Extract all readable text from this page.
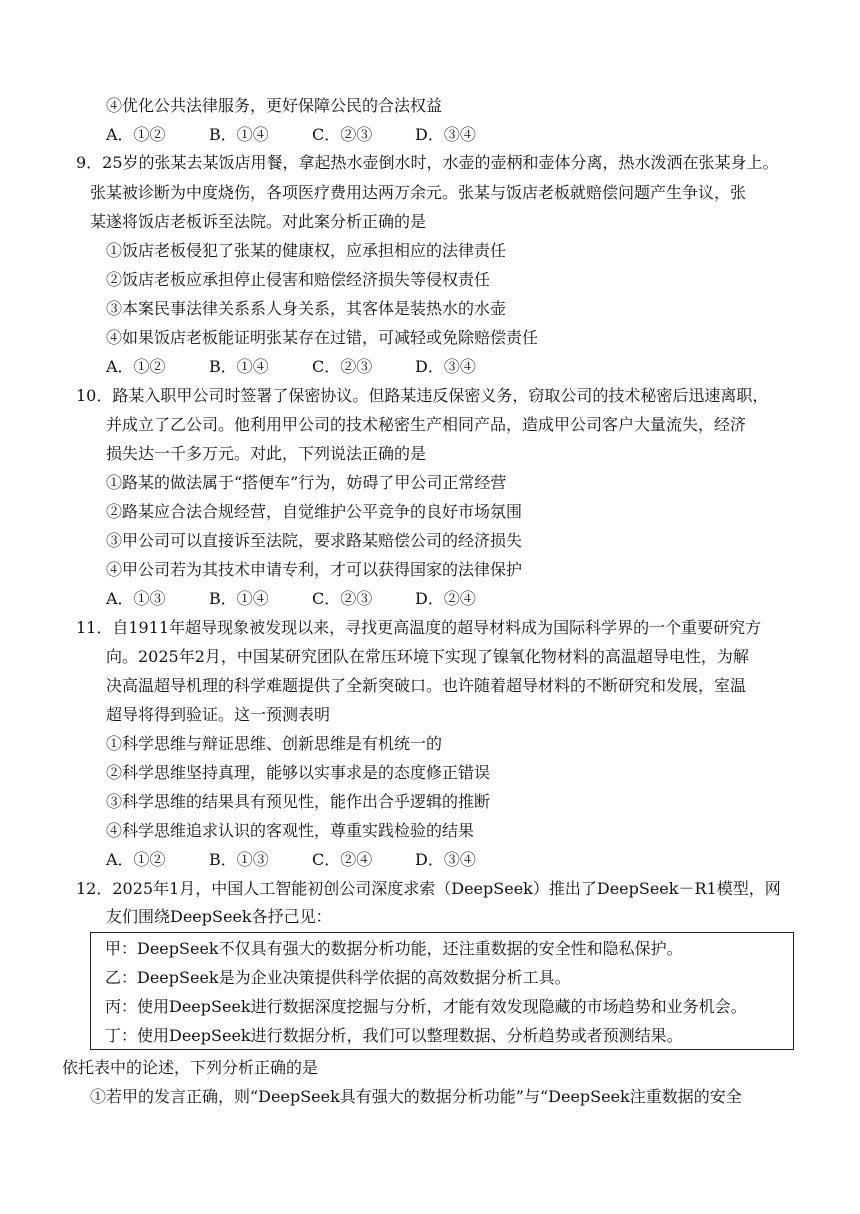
④优化公共法律服务，更好保障公民的合法权益
A．①②	B．①④	C．②③	D．③④
9．25岁的张某去某饭店用餐，拿起热水壶倒水时，水壶的壶柄和壶体分离，热水泼洒在张某身上。
张某被诊断为中度烧伤，各项医疗费用达两万余元。张某与饭店老板就赔偿问题产生争议，张
某遂将饭店老板诉至法院。对此案分析正确的是
①饭店老板侵犯了张某的健康权，应承担相应的法律责任
②饭店老板应承担停止侵害和赔偿经济损失等侵权责任
③本案民事法律关系系人身关系，其客体是装热水的水壶
④如果饭店老板能证明张某存在过错，可减轻或免除赔偿责任
A．①②	B．①④	C．②③	D．③④
10．路某入职甲公司时签署了保密协议。但路某违反保密义务，窃取公司的技术秘密后迅速离职，
并成立了乙公司。他利用甲公司的技术秘密生产相同产品，造成甲公司客户大量流失，经济
损失达一千多万元。对此，下列说法正确的是
①路某的做法属于“搭便车”行为，妨碍了甲公司正常经营
②路某应合法合规经营，自觉维护公平竞争的良好市场氛围
③甲公司可以直接诉至法院，要求路某赔偿公司的经济损失
④甲公司若为其技术申请专利，才可以获得国家的法律保护
A．①③	B．①④	C．②③	D．②④
11．自1911年超导现象被发现以来，寻找更高温度的超导材料成为国际科学界的一个重要研究方
向。2025年2月，中国某研究团队在常压环境下实现了镍氧化物材料的高温超导电性，为解
决高温超导机理的科学难题提供了全新突破口。也许随着超导材料的不断研究和发展，室温
超导将得到验证。这一预测表明
①科学思维与辩证思维、创新思维是有机统一的
②科学思维坚持真理，能够以实事求是的态度修正错误
③科学思维的结果具有预见性，能作出合乎逻辑的推断
④科学思维追求认识的客观性，尊重实践检验的结果
A．①②	B．①③	C．②④	D．③④
12．2025年1月，中国人工智能初创公司深度求索（DeepSeek）推出了DeepSeek－R1模型，网
友们围绕DeepSeek各抒己见：
甲：DeepSeek不仅具有强大的数据分析功能，还注重数据的安全性和隐私保护。
乙：DeepSeek是为企业决策提供科学依据的高效数据分析工具。
丙：使用DeepSeek进行数据深度挖掘与分析，才能有效发现隐藏的市场趋势和业务机会。
丁：使用DeepSeek进行数据分析，我们可以整理数据、分析趋势或者预测结果。
依托表中的论述，下列分析正确的是
①若甲的发言正确，则“DeepSeek具有强大的数据分析功能”与“DeepSeek注重数据的安全
